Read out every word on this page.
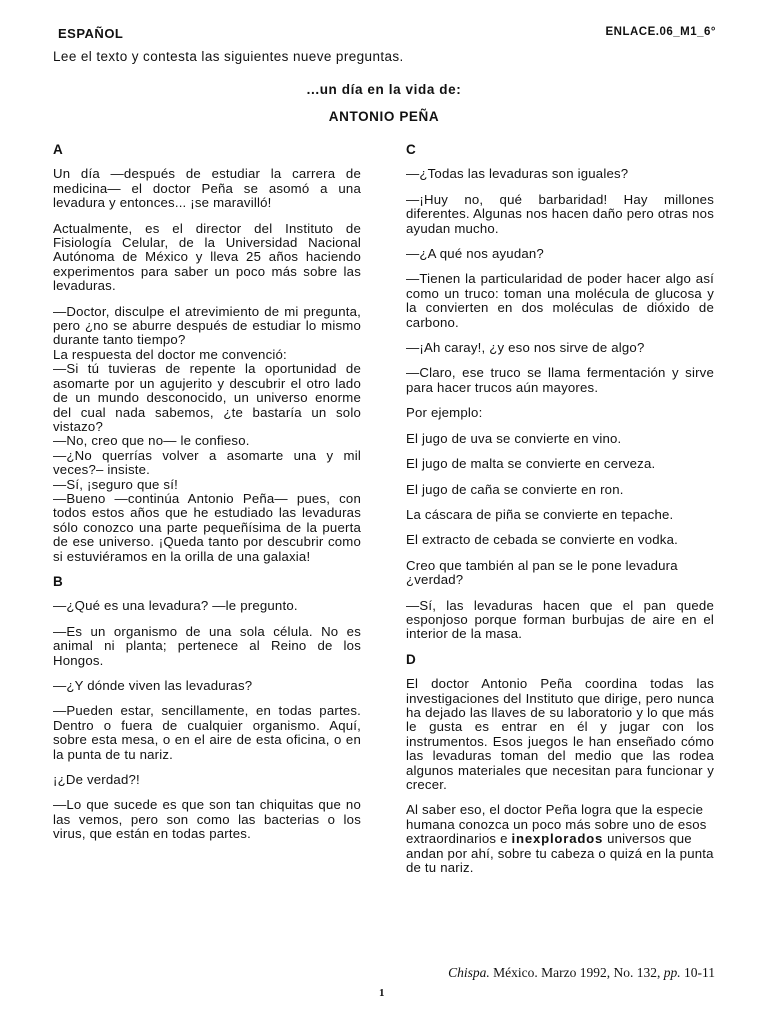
ESPAÑOL	ENLACE.06_M1_6°
Lee el texto y contesta las siguientes nueve preguntas.
...un día en la vida de:
ANTONIO PEÑA
A

Un día —después de estudiar la carrera de medicina— el doctor Peña se asomó a una levadura y entonces... ¡se maravilló!

Actualmente, es el director del Instituto de Fisiología Celular, de la Universidad Nacional Autónoma de México y lleva 25 años haciendo experimentos para saber un poco más sobre las levaduras.

—Doctor, disculpe el atrevimiento de mi pregunta, pero ¿no se aburre después de estudiar lo mismo durante tanto tiempo?

La respuesta del doctor me convenció:

—Si tú tuvieras de repente la oportunidad de asomarte por un agujerito y descubrir el otro lado de un mundo desconocido, un universo enorme del cual nada sabemos, ¿te bastaría un solo vistazo?

—No, creo que no— le confieso.

—¿No querrías volver a asomarte una y mil veces?– insiste.

—Sí, ¡seguro que sí!

—Bueno —continúa Antonio Peña— pues, con todos estos años que he estudiado las levaduras sólo conozco una parte pequeñísima de la puerta de ese universo. ¡Queda tanto por descubrir como si estuviéramos en la orilla de una galaxia!

B

—¿Qué es una levadura? —le pregunto.

—Es un organismo de una sola célula. No es animal ni planta; pertenece al Reino de los Hongos.

—¿Y dónde viven las levaduras?

—Pueden estar, sencillamente, en todas partes. Dentro o fuera de cualquier organismo. Aquí, sobre esta mesa, o en el aire de esta oficina, o en la punta de tu nariz.

¡¿De verdad?!

—Lo que sucede es que son tan chiquitas que no las vemos, pero son como las bacterias o los virus, que están en todas partes.

C

—¿Todas las levaduras son iguales?

—¡Huy no, qué barbaridad! Hay millones diferentes. Algunas nos hacen daño pero otras nos ayudan mucho.

—¿A qué nos ayudan?

—Tienen la particularidad de poder hacer algo así como un truco: toman una molécula de glucosa y la convierten en dos moléculas de dióxido de carbono.

—¡Ah caray!, ¿y eso nos sirve de algo?

—Claro, ese truco se llama fermentación y sirve para hacer trucos aún mayores.

Por ejemplo:

El jugo de uva se convierte en vino.

El jugo de malta se convierte en cerveza.

El jugo de caña se convierte en ron.

La cáscara de piña se convierte en tepache.

El extracto de cebada se convierte en vodka.

Creo que también al pan se le pone levadura ¿verdad?

—Sí, las levaduras hacen que el pan quede esponjoso porque forman burbujas de aire en el interior de la masa.

D

El doctor Antonio Peña coordina todas las investigaciones del Instituto que dirige, pero nunca ha dejado las llaves de su laboratorio y lo que más le gusta es entrar en él y jugar con los instrumentos. Esos juegos le han enseñado cómo las levaduras toman del medio que las rodea algunos materiales que necesitan para funcionar y crecer.

Al saber eso, el doctor Peña logra que la especie humana conozca un poco más sobre uno de esos extraordinarios e inexplorados universos que andan por ahí, sobre tu cabeza o quizá en la punta de tu nariz.

Chispa. México. Marzo 1992, No. 132, pp. 10-11
1
